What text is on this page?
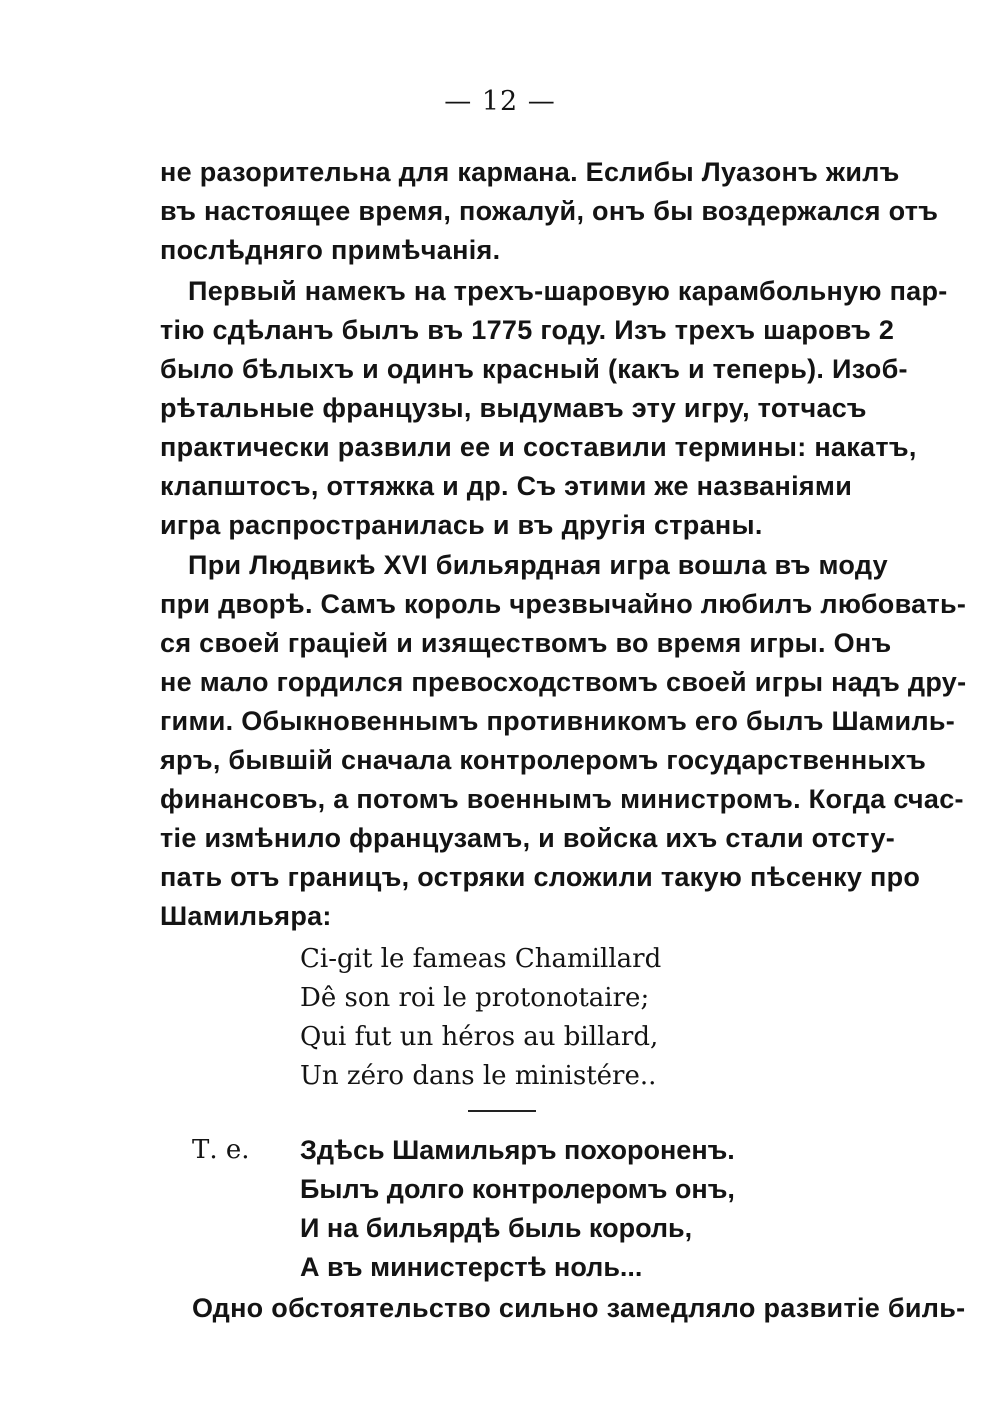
— 12 —
не разорительна для кармана. Еслибы Луазонъ жилъ
въ настоящее время, пожалуй, онъ бы воздержался отъ
послѣдняго примѣчанія.
Первый намекъ на трехъ-шаровую карамбольную пар-
тію сдѣланъ былъ въ 1775 году. Изъ трехъ шаровъ 2
было бѣлыхъ и одинъ красный (какъ и теперь). Изоб-
рѣтальные французы, выдумавъ эту игру, тотчасъ
практически развили ее и составили термины: накатъ,
клапштосъ, оттяжка и др. Съ этими же названіями
игра распространилась и въ другія страны.
При Людвикѣ XVI бильярдная игра вошла въ моду
при дворѣ. Самъ король чрезвычайно любилъ любовать-
ся своей граціей и изяществомъ во время игры. Онъ
не мало гордился превосходствомъ своей игры надъ дру-
гими. Обыкновеннымъ противникомъ его былъ Шамиль-
яръ, бывшій сначала контролеромъ государственныхъ
финансовъ, а потомъ военнымъ министромъ. Когда счас-
тіе измѣнило французамъ, и войска ихъ стали отсту-
пать отъ границъ, остряки сложили такую пѣсенку про
Шамильяра:
Ci-git le fameas Chamillard
Dê son roi le protonotaire;
Qui fut un héros au billard,
Un zéro dans le ministére..
Т. е. Здѣсь Шамильяръ похороненъ.
Былъ долго контролеромъ онъ,
И на бильярдѣ быль король,
А въ министерстѣ ноль...
Одно обстоятельство сильно замедляло развитіе биль-
